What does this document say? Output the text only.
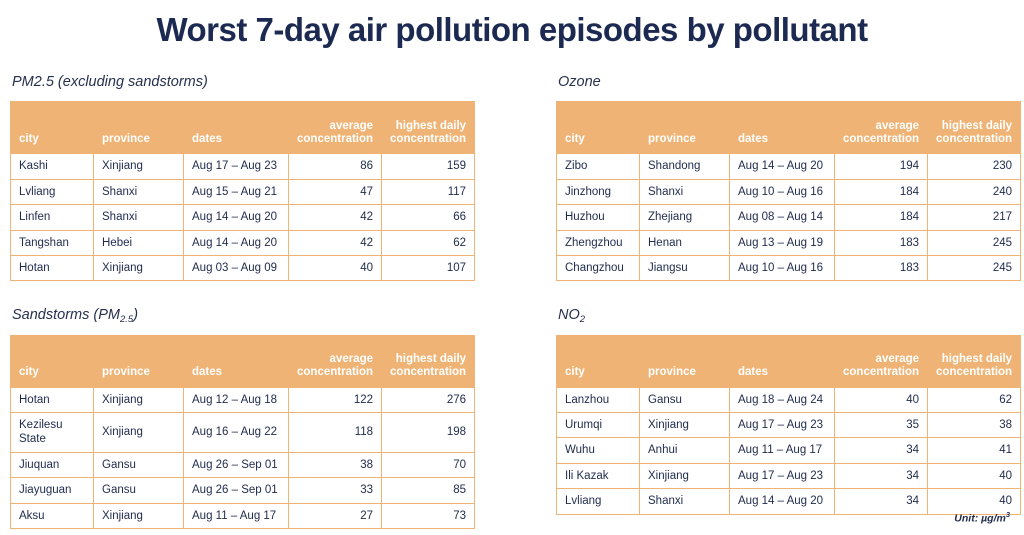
Worst 7-day air pollution episodes by pollutant
PM2.5 (excluding sandstorms)
city	province	dates	average concentration	highest daily concentration
Kashi	Xinjiang	Aug 17 – Aug 23	86	159
Lvliang	Shanxi	Aug 15 – Aug 21	47	117
Linfen	Shanxi	Aug 14 – Aug 20	42	66
Tangshan	Hebei	Aug 14 – Aug 20	42	62
Hotan	Xinjiang	Aug 03 – Aug 09	40	107
Sandstorms $(PM_{2.5})$
city	province	dates	average concentration	highest daily concentration
Hotan	Xinjiang	Aug 12 – Aug 18	122	276
Kezilesu State	Xinjiang	Aug 16 – Aug 22	118	198
Jiuquan	Gansu	Aug 26 – Sep 01	38	70
Jiayuguan	Gansu	Aug 26 – Sep 01	33	85
Aksu	Xinjiang	Aug 11 – Aug 17	27	73
Ozone
city	province	dates	average concentration	highest daily concentration
Zibo	Shandong	Aug 14 – Aug 20	194	230
Jinzhong	Shanxi	Aug 10 – Aug 16	184	240
Huzhou	Zhejiang	Aug 08 – Aug 14	184	217
Zhengzhou	Henan	Aug 13 – Aug 19	183	245
Changzhou	Jiangsu	Aug 10 – Aug 16	183	245
$NO_2$
city	province	dates	average concentration	highest daily concentration
Lanzhou	Gansu	Aug 18 – Aug 24	40	62
Urumqi	Xinjiang	Aug 17 – Aug 23	35	38
Wuhu	Anhui	Aug 11 – Aug 17	34	41
Ili Kazak	Xinjiang	Aug 17 – Aug 23	34	40
Lvliang	Shanxi	Aug 14 – Aug 20	34	40
Unit: $\mu g/m^3$
